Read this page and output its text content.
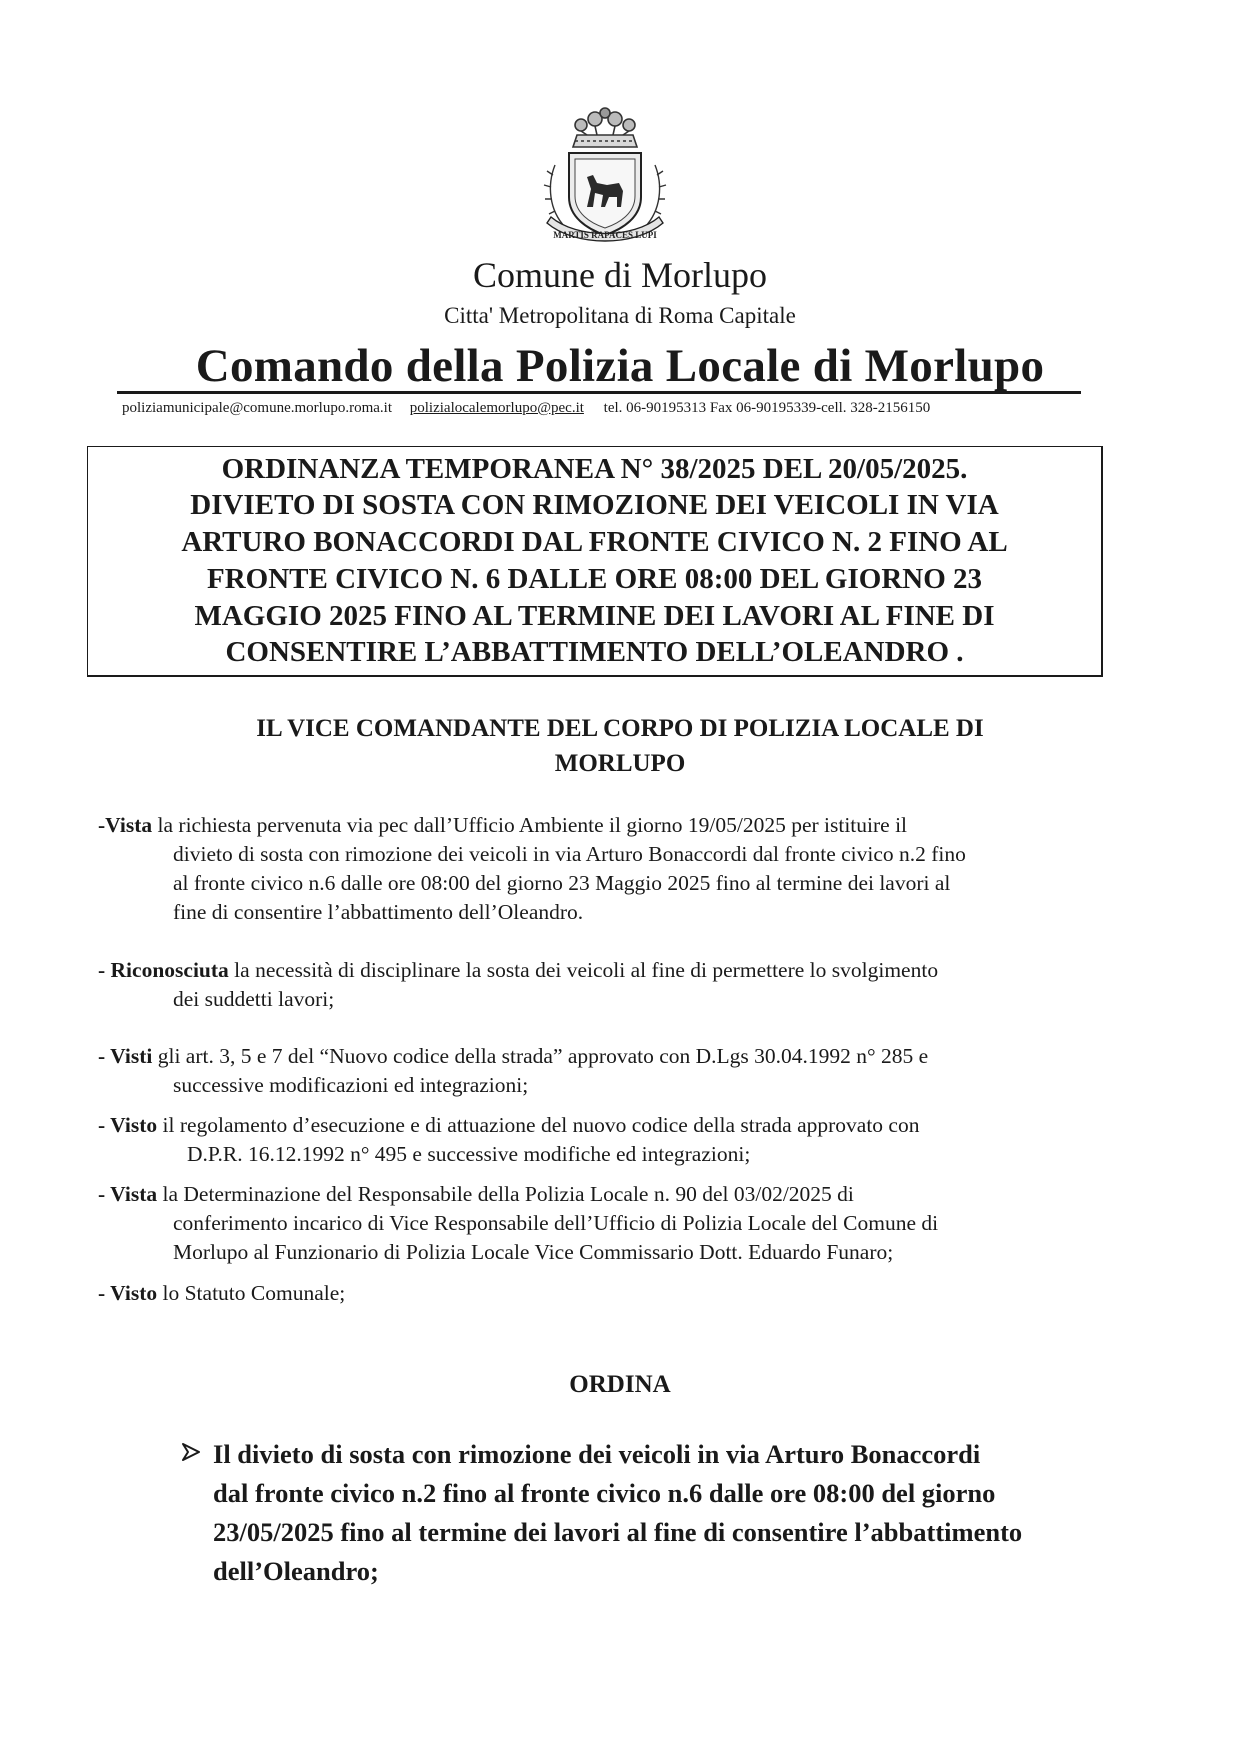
MARTIS RAPACES LUPI
Comune di Morlupo
Citta' Metropolitana di Roma Capitale
Comando della Polizia Locale di Morlupo
poliziamunicipale@comune.morlupo.roma.it polizialocalemorlupo@pec.it tel. 06-90195313 Fax 06-90195339-cell. 328-2156150
ORDINANZA TEMPORANEA N° 38/2025 DEL 20/05/2025.
DIVIETO DI SOSTA CON RIMOZIONE DEI VEICOLI IN VIA
ARTURO BONACCORDI DAL FRONTE CIVICO N. 2 FINO AL
FRONTE CIVICO N. 6 DALLE ORE 08:00 DEL GIORNO 23
MAGGIO 2025 FINO AL TERMINE DEI LAVORI AL FINE DI
CONSENTIRE L’ABBATTIMENTO DELL’OLEANDRO .
IL VICE COMANDANTE DEL CORPO DI POLIZIA LOCALE DI
MORLUPO
-Vista la richiesta pervenuta via pec dall’Ufficio Ambiente il giorno 19/05/2025 per istituire il
divieto di sosta con rimozione dei veicoli in via Arturo Bonaccordi dal fronte civico n.2 fino
al fronte civico n.6 dalle ore 08:00 del giorno 23 Maggio 2025 fino al termine dei lavori al
fine di consentire l’abbattimento dell’Oleandro.
- Riconosciuta la necessità di disciplinare la sosta dei veicoli al fine di permettere lo svolgimento
dei suddetti lavori;
- Visti gli art. 3, 5 e 7 del “Nuovo codice della strada” approvato con D.Lgs 30.04.1992 n° 285 e
successive modificazioni ed integrazioni;
- Visto il regolamento d’esecuzione e di attuazione del nuovo codice della strada approvato con
D.P.R. 16.12.1992 n° 495 e successive modifiche ed integrazioni;
- Vista la Determinazione del Responsabile della Polizia Locale n. 90 del 03/02/2025 di
conferimento incarico di Vice Responsabile dell’Ufficio di Polizia Locale del Comune di
Morlupo al Funzionario di Polizia Locale Vice Commissario Dott. Eduardo Funaro;
- Visto lo Statuto Comunale;
ORDINA
Il divieto di sosta con rimozione dei veicoli in via Arturo Bonaccordi
dal fronte civico n.2 fino al fronte civico n.6 dalle ore 08:00 del giorno
23/05/2025 fino al termine dei lavori al fine di consentire l’abbattimento
dell’Oleandro;
